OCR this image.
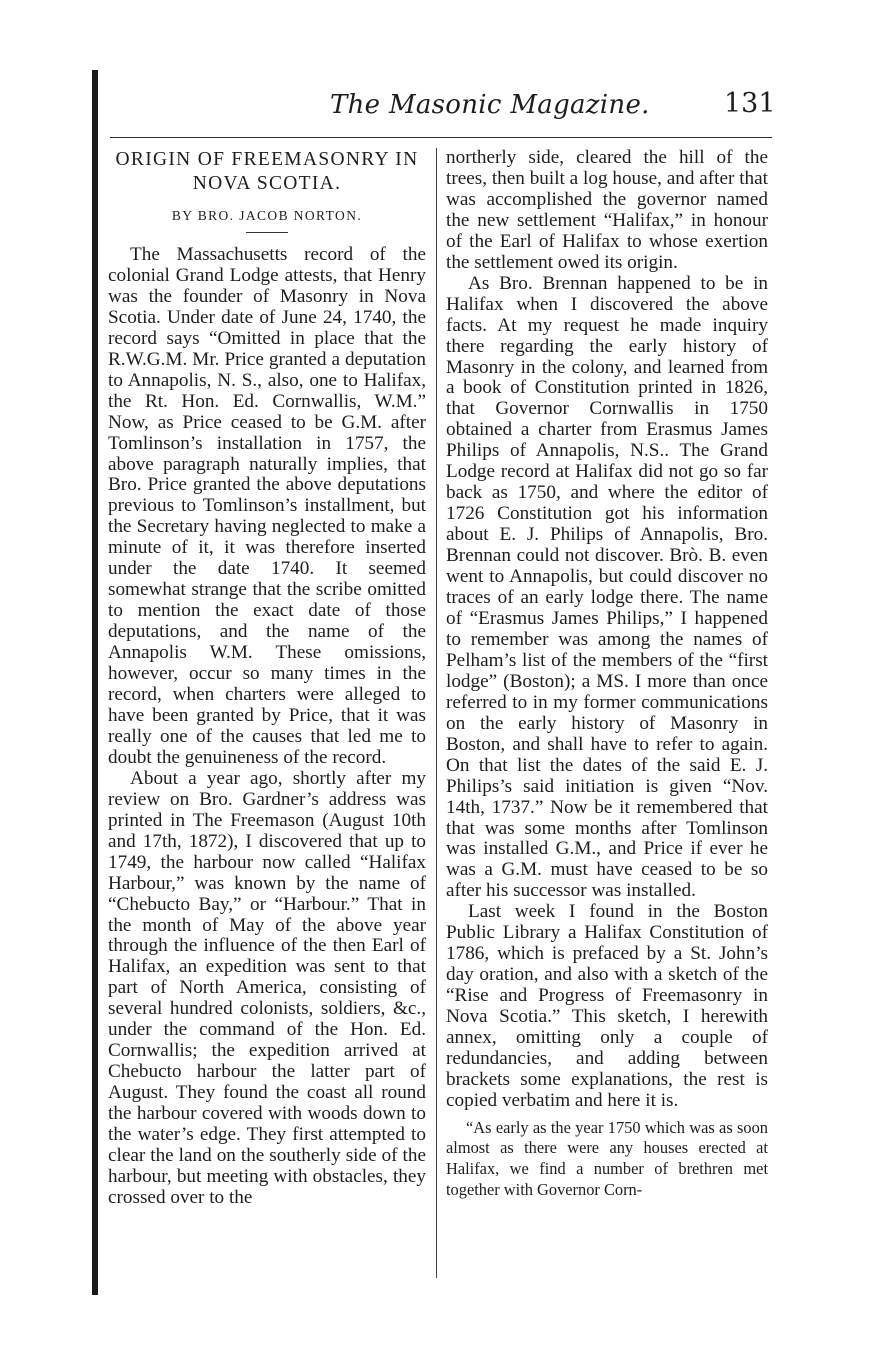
The Masonic Magazine.	131
ORIGIN OF FREEMASONRY IN NOVA SCOTIA.
BY BRO. JACOB NORTON.

The Massachusetts record of the colonial Grand Lodge attests, that Henry was the founder of Masonry in Nova Scotia. Under date of June 24, 1740, the record says “Omitted in place that the R.W.G.M. Mr. Price granted a deputation to Annapolis, N. S., also, one to Halifax, the Rt. Hon. Ed. Cornwallis, W.M.” Now, as Price ceased to be G.M. after Tomlinson’s installation in 1757, the above paragraph naturally implies, that Bro. Price granted the above deputations previous to Tomlinson’s installment, but the Secretary having neglected to make a minute of it, it was therefore inserted under the date 1740. It seemed somewhat strange that the scribe omitted to mention the exact date of those deputations, and the name of the Annapolis W.M. These omissions, however, occur so many times in the record, when charters were alleged to have been granted by Price, that it was really one of the causes that led me to doubt the genuineness of the record.

About a year ago, shortly after my review on Bro. Gardner’s address was printed in The Freemason (August 10th and 17th, 1872), I discovered that up to 1749, the harbour now called “Halifax Harbour,” was known by the name of “Chebucto Bay,” or “Harbour.” That in the month of May of the above year through the influence of the then Earl of Halifax, an expedition was sent to that part of North America, consisting of several hundred colonists, soldiers, &c., under the command of the Hon. Ed. Cornwallis; the expedition arrived at Chebucto harbour the latter part of August. They found the coast all round the harbour covered with woods down to the water’s edge. They first attempted to clear the land on the southerly side of the harbour, but meeting with obstacles, they crossed over to the

northerly side, cleared the hill of the trees, then built a log house, and after that was accomplished the governor named the new settlement “Halifax,” in honour of the Earl of Halifax to whose exertion the settlement owed its origin.

As Bro. Brennan happened to be in Halifax when I discovered the above facts. At my request he made inquiry there regarding the early history of Masonry in the colony, and learned from a book of Constitution printed in 1826, that Governor Cornwallis in 1750 obtained a charter from Erasmus James Philips of Annapolis, N.S.. The Grand Lodge record at Halifax did not go so far back as 1750, and where the editor of 1726 Constitution got his information about E. J. Philips of Annapolis, Bro. Brennan could not discover. Brò. B. even went to Annapolis, but could discover no traces of an early lodge there. The name of “Erasmus James Philips,” I happened to remember was among the names of Pelham’s list of the members of the “first lodge” (Boston); a MS. I more than once referred to in my former communications on the early history of Masonry in Boston, and shall have to refer to again. On that list the dates of the said E. J. Philips’s said initiation is given “Nov. 14th, 1737.” Now be it remembered that that was some months after Tomlinson was installed G.M., and Price if ever he was a G.M. must have ceased to be so after his successor was installed.

Last week I found in the Boston Public Library a Halifax Constitution of 1786, which is prefaced by a St. John’s day oration, and also with a sketch of the “Rise and Progress of Freemasonry in Nova Scotia.” This sketch, I herewith annex, omitting only a couple of redundancies, and adding between brackets some explanations, the rest is copied verbatim and here it is.

“As early as the year 1750 which was as soon almost as there were any houses erected at Halifax, we find a number of brethren met together with Governor Corn-
